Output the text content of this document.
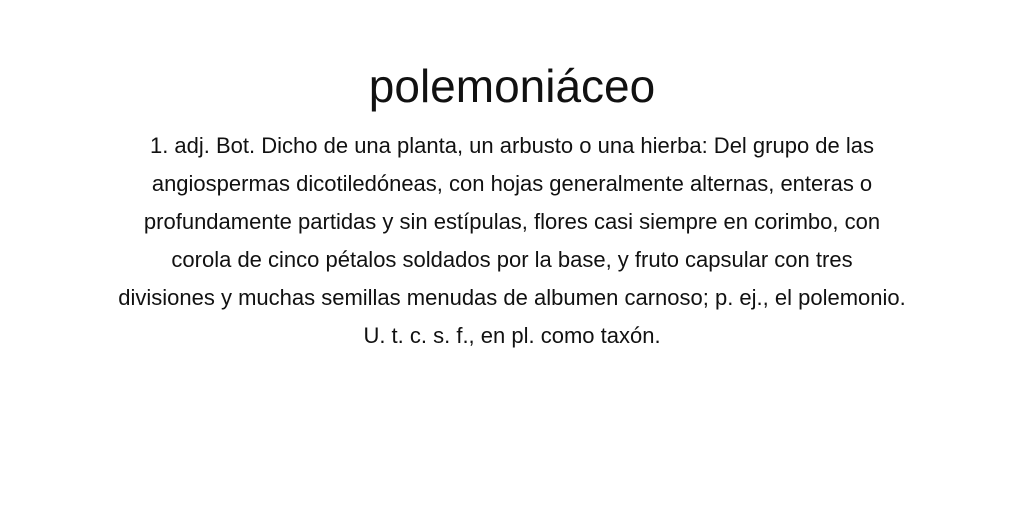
polemoniáceo
1. adj. Bot. Dicho de una planta, un arbusto o una hierba: Del grupo de las
angiospermas dicotiledóneas, con hojas generalmente alternas, enteras o
profundamente partidas y sin estípulas, flores casi siempre en corimbo, con
corola de cinco pétalos soldados por la base, y fruto capsular con tres
divisiones y muchas semillas menudas de albumen carnoso; p. ej., el polemonio.
U. t. c. s. f., en pl. como taxón.
